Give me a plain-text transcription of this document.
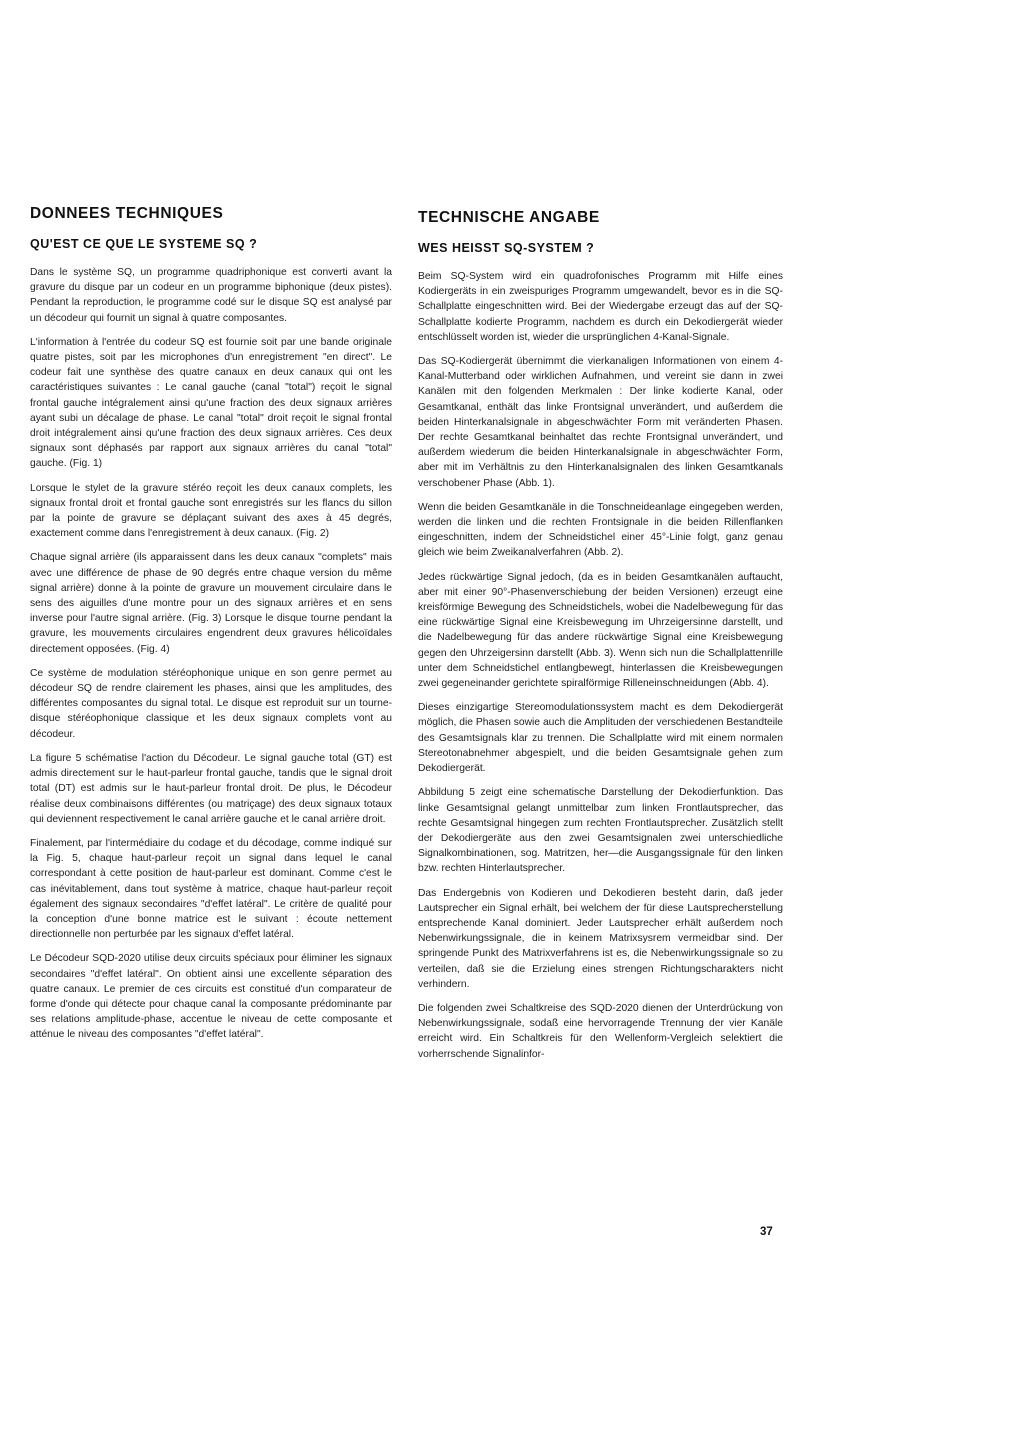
DONNEES TECHNIQUES
QU'EST CE QUE LE SYSTEME SQ ?

Dans le système SQ, un programme quadriphonique est converti avant la gravure du disque par un codeur en un programme biphonique (deux pistes). Pendant la reproduction, le programme codé sur le disque SQ est analysé par un décodeur qui fournit un signal à quatre composantes.

L'information à l'entrée du codeur SQ est fournie soit par une bande originale quatre pistes, soit par les microphones d'un enregistrement "en direct". Le codeur fait une synthèse des quatre canaux en deux canaux qui ont les caractéristiques suivantes : Le canal gauche (canal "total") reçoit le signal frontal gauche intégralement ainsi qu'une fraction des deux signaux arrières ayant subi un décalage de phase. Le canal "total" droit reçoit le signal frontal droit intégralement ainsi qu'une fraction des deux signaux arrières. Ces deux signaux sont déphasés par rapport aux signaux arrières du canal "total" gauche. (Fig. 1)

Lorsque le stylet de la gravure stéréo reçoit les deux canaux complets, les signaux frontal droit et frontal gauche sont enregistrés sur les flancs du sillon par la pointe de gravure se déplaçant suivant des axes à 45 degrés, exactement comme dans l'enregistrement à deux canaux. (Fig. 2)

Chaque signal arrière (ils apparaissent dans les deux canaux "complets" mais avec une différence de phase de 90 degrés entre chaque version du même signal arrière) donne à la pointe de gravure un mouvement circulaire dans le sens des aiguilles d'une montre pour un des signaux arrières et en sens inverse pour l'autre signal arrière. (Fig. 3) Lorsque le disque tourne pendant la gravure, les mouvements circulaires engendrent deux gravures hélicoïdales directement opposées. (Fig. 4)

Ce système de modulation stéréophonique unique en son genre permet au décodeur SQ de rendre clairement les phases, ainsi que les amplitudes, des différentes composantes du signal total. Le disque est reproduit sur un tourne-disque stéréophonique classique et les deux signaux complets vont au décodeur.

La figure 5 schématise l'action du Décodeur. Le signal gauche total (GT) est admis directement sur le haut-parleur frontal gauche, tandis que le signal droit total (DT) est admis sur le haut-parleur frontal droit. De plus, le Décodeur réalise deux combinaisons différentes (ou matriçage) des deux signaux totaux qui deviennent respectivement le canal arrière gauche et le canal arrière droit.

Finalement, par l'intermédiaire du codage et du décodage, comme indiqué sur la Fig. 5, chaque haut-parleur reçoit un signal dans lequel le canal correspondant à cette position de haut-parleur est dominant. Comme c'est le cas inévitablement, dans tout système à matrice, chaque haut-parleur reçoit également des signaux secondaires "d'effet latéral". Le critère de qualité pour la conception d'une bonne matrice est le suivant : écoute nettement directionnelle non perturbée par les signaux d'effet latéral.

Le Décodeur SQD-2020 utilise deux circuits spéciaux pour éliminer les signaux secondaires "d'effet latéral". On obtient ainsi une excellente séparation des quatre canaux. Le premier de ces circuits est constitué d'un comparateur de forme d'onde qui détecte pour chaque canal la composante prédominante par ses relations amplitude-phase, accentue le niveau de cette composante et atténue le niveau des composantes "d'effet latéral".

TECHNISCHE ANGABE
WES HEISST SQ-SYSTEM ?

Beim SQ-System wird ein quadrofonisches Programm mit Hilfe eines Kodiergeräts in ein zweispuriges Programm umgewandelt, bevor es in die SQ-Schallplatte eingeschnitten wird. Bei der Wiedergabe erzeugt das auf der SQ-Schallplatte kodierte Programm, nachdem es durch ein Dekodiergerät wieder entschlüsselt worden ist, wieder die ursprünglichen 4-Kanal-Signale.

Das SQ-Kodiergerät übernimmt die vierkanaligen Informationen von einem 4-Kanal-Mutterband oder wirklichen Aufnahmen, und vereint sie dann in zwei Kanälen mit den folgenden Merkmalen : Der linke kodierte Kanal, oder Gesamtkanal, enthält das linke Frontsignal unverändert, und außerdem die beiden Hinterkanalsignale in abgeschwächter Form mit veränderten Phasen. Der rechte Gesamtkanal beinhaltet das rechte Frontsignal unverändert, und außerdem wiederum die beiden Hinterkanalsignale in abgeschwächter Form, aber mit im Verhältnis zu den Hinterkanalsignalen des linken Gesamtkanals verschobener Phase (Abb. 1).

Wenn die beiden Gesamtkanäle in die Tonschneideanlage eingegeben werden, werden die linken und die rechten Frontsignale in die beiden Rillenflanken eingeschnitten, indem der Schneidstichel einer 45°-Linie folgt, ganz genau gleich wie beim Zweikanalverfahren (Abb. 2).

Jedes rückwärtige Signal jedoch, (da es in beiden Gesamtkanälen auftaucht, aber mit einer 90°-Phasenverschiebung der beiden Versionen) erzeugt eine kreisförmige Bewegung des Schneidstichels, wobei die Nadelbewegung für das eine rückwärtige Signal eine Kreisbewegung im Uhrzeigersinne darstellt, und die Nadelbewegung für das andere rückwärtige Signal eine Kreisbewegung gegen den Uhrzeigersinn darstellt (Abb. 3). Wenn sich nun die Schallplattenrille unter dem Schneidstichel entlangbewegt, hinterlassen die Kreisbewegungen zwei gegeneinander gerichtete spiralförmige Rilleneinschneidungen (Abb. 4).

Dieses einzigartige Stereomodulationssystem macht es dem Dekodiergerät möglich, die Phasen sowie auch die Amplituden der verschiedenen Bestandteile des Gesamtsignals klar zu trennen. Die Schallplatte wird mit einem normalen Stereotonabnehmer abgespielt, und die beiden Gesamtsignale gehen zum Dekodiergerät.

Abbildung 5 zeigt eine schematische Darstellung der Dekodierfunktion. Das linke Gesamtsignal gelangt unmittelbar zum linken Frontlautsprecher, das rechte Gesamtsignal hingegen zum rechten Frontlautsprecher. Zusätzlich stellt der Dekodiergeräte aus den zwei Gesamtsignalen zwei unterschiedliche Signalkombinationen, sog. Matritzen, her—die Ausgangssignale für den linken bzw. rechten Hinterlautsprecher.

Das Endergebnis von Kodieren und Dekodieren besteht darin, daß jeder Lautsprecher ein Signal erhält, bei welchem der für diese Lautsprecherstellung entsprechende Kanal dominiert. Jeder Lautsprecher erhält außerdem noch Nebenwirkungssignale, die in keinem Matrixsysrem vermeidbar sind. Der springende Punkt des Matrixverfahrens ist es, die Nebenwirkungssignale so zu verteilen, daß sie die Erzielung eines strengen Richtungscharakters nicht verhindern.

Die folgenden zwei Schaltkreise des SQD-2020 dienen der Unterdrückung von Nebenwirkungssignale, sodaß eine hervorragende Trennung der vier Kanäle erreicht wird. Ein Schaltkreis für den Wellenform-Vergleich selektiert die vorherrschende Signalinfor-

37
